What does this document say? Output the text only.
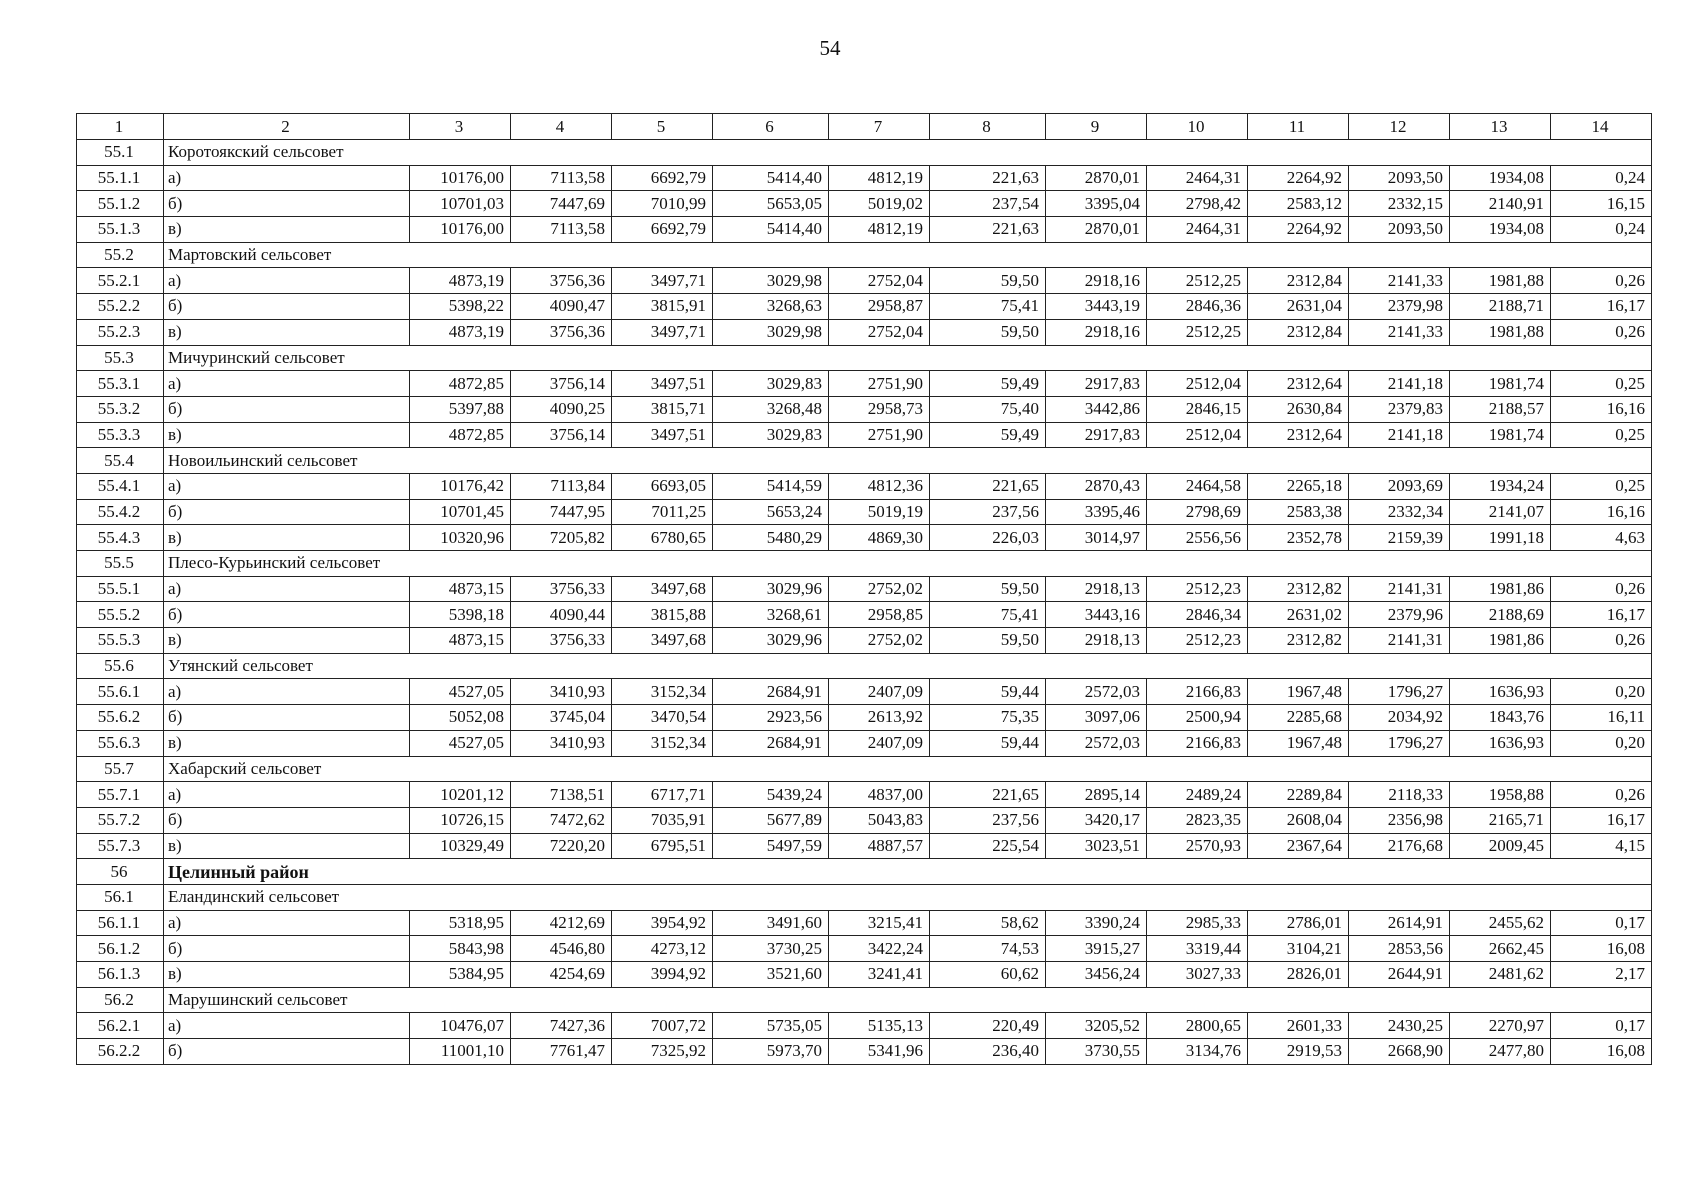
54
1	2	3	4	5	6	7	8	9	10	11	12	13	14
55.1	Коротоякский сельсовет												
55.1.1	а)	10176,00	7113,58	6692,79	5414,40	4812,19	221,63	2870,01	2464,31	2264,92	2093,50	1934,08	0,24
55.1.2	б)	10701,03	7447,69	7010,99	5653,05	5019,02	237,54	3395,04	2798,42	2583,12	2332,15	2140,91	16,15
55.1.3	в)	10176,00	7113,58	6692,79	5414,40	4812,19	221,63	2870,01	2464,31	2264,92	2093,50	1934,08	0,24
55.2	Мартовский сельсовет												
55.2.1	а)	4873,19	3756,36	3497,71	3029,98	2752,04	59,50	2918,16	2512,25	2312,84	2141,33	1981,88	0,26
55.2.2	б)	5398,22	4090,47	3815,91	3268,63	2958,87	75,41	3443,19	2846,36	2631,04	2379,98	2188,71	16,17
55.2.3	в)	4873,19	3756,36	3497,71	3029,98	2752,04	59,50	2918,16	2512,25	2312,84	2141,33	1981,88	0,26
55.3	Мичуринский сельсовет												
55.3.1	а)	4872,85	3756,14	3497,51	3029,83	2751,90	59,49	2917,83	2512,04	2312,64	2141,18	1981,74	0,25
55.3.2	б)	5397,88	4090,25	3815,71	3268,48	2958,73	75,40	3442,86	2846,15	2630,84	2379,83	2188,57	16,16
55.3.3	в)	4872,85	3756,14	3497,51	3029,83	2751,90	59,49	2917,83	2512,04	2312,64	2141,18	1981,74	0,25
55.4	Новоильинский сельсовет												
55.4.1	а)	10176,42	7113,84	6693,05	5414,59	4812,36	221,65	2870,43	2464,58	2265,18	2093,69	1934,24	0,25
55.4.2	б)	10701,45	7447,95	7011,25	5653,24	5019,19	237,56	3395,46	2798,69	2583,38	2332,34	2141,07	16,16
55.4.3	в)	10320,96	7205,82	6780,65	5480,29	4869,30	226,03	3014,97	2556,56	2352,78	2159,39	1991,18	4,63
55.5	Плесо-Курьинский сельсовет												
55.5.1	а)	4873,15	3756,33	3497,68	3029,96	2752,02	59,50	2918,13	2512,23	2312,82	2141,31	1981,86	0,26
55.5.2	б)	5398,18	4090,44	3815,88	3268,61	2958,85	75,41	3443,16	2846,34	2631,02	2379,96	2188,69	16,17
55.5.3	в)	4873,15	3756,33	3497,68	3029,96	2752,02	59,50	2918,13	2512,23	2312,82	2141,31	1981,86	0,26
55.6	Утянский сельсовет												
55.6.1	а)	4527,05	3410,93	3152,34	2684,91	2407,09	59,44	2572,03	2166,83	1967,48	1796,27	1636,93	0,20
55.6.2	б)	5052,08	3745,04	3470,54	2923,56	2613,92	75,35	3097,06	2500,94	2285,68	2034,92	1843,76	16,11
55.6.3	в)	4527,05	3410,93	3152,34	2684,91	2407,09	59,44	2572,03	2166,83	1967,48	1796,27	1636,93	0,20
55.7	Хабарский сельсовет												
55.7.1	а)	10201,12	7138,51	6717,71	5439,24	4837,00	221,65	2895,14	2489,24	2289,84	2118,33	1958,88	0,26
55.7.2	б)	10726,15	7472,62	7035,91	5677,89	5043,83	237,56	3420,17	2823,35	2608,04	2356,98	2165,71	16,17
55.7.3	в)	10329,49	7220,20	6795,51	5497,59	4887,57	225,54	3023,51	2570,93	2367,64	2176,68	2009,45	4,15
56	Целинный район												
56.1	Еландинский сельсовет												
56.1.1	а)	5318,95	4212,69	3954,92	3491,60	3215,41	58,62	3390,24	2985,33	2786,01	2614,91	2455,62	0,17
56.1.2	б)	5843,98	4546,80	4273,12	3730,25	3422,24	74,53	3915,27	3319,44	3104,21	2853,56	2662,45	16,08
56.1.3	в)	5384,95	4254,69	3994,92	3521,60	3241,41	60,62	3456,24	3027,33	2826,01	2644,91	2481,62	2,17
56.2	Марушинский сельсовет												
56.2.1	а)	10476,07	7427,36	7007,72	5735,05	5135,13	220,49	3205,52	2800,65	2601,33	2430,25	2270,97	0,17
56.2.2	б)	11001,10	7761,47	7325,92	5973,70	5341,96	236,40	3730,55	3134,76	2919,53	2668,90	2477,80	16,08
